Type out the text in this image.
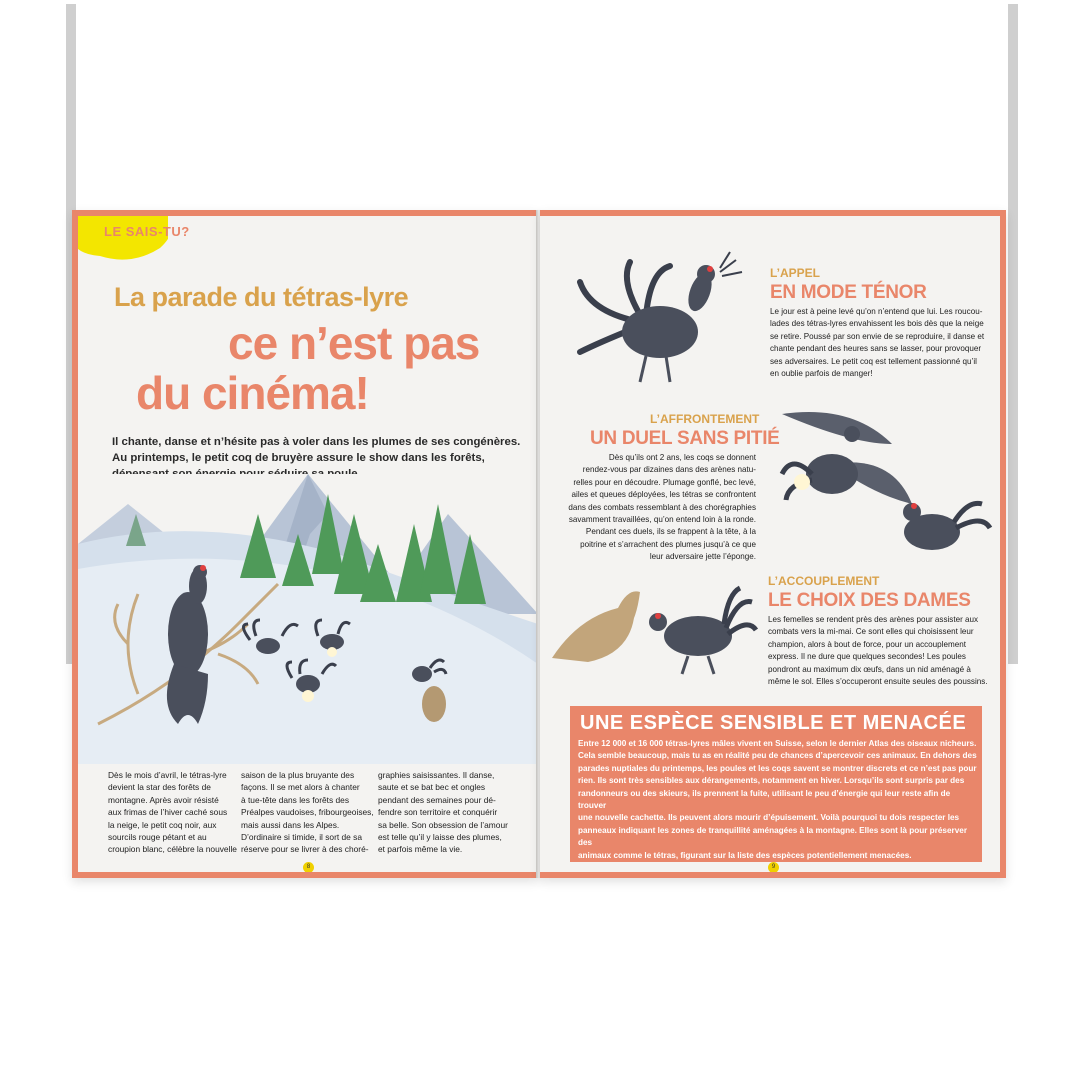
LE SAIS-TU?
La parade du tétras-lyre
ce n’est pas
du cinéma!
Il chante, danse et n’hésite pas à voler dans les plumes de ses congénères. Au printemps, le petit coq de bruyère assure le show dans les forêts,
Dès le mois d’avril, le tétras-lyre
devient la star des forêts de
montagne. Après avoir résisté
aux frimas de l’hiver caché sous
la neige, le petit coq noir, aux
sourcils rouge pétant et au
croupion blanc, célèbre la nouvelle
saison de la plus bruyante des
façons. Il se met alors à chanter
à tue-tête dans les forêts des
Préalpes vaudoises, fribourgeoises,
mais aussi dans les Alpes.
D’ordinaire si timide, il sort de sa
réserve pour se livrer à des choré-
graphies saisissantes. Il danse,
saute et se bat bec et ongles
pendant des semaines pour dé-
fendre son territoire et conquérir
sa belle. Son obsession de l’amour
est telle qu’il y laisse des plumes,
et parfois même la vie.
8
L’APPEL
EN MODE TÉNOR
Le jour est à peine levé qu’on n’entend que lui. Les roucou-
lades des tétras-lyres envahissent les bois dès que la neige
se retire. Poussé par son envie de se reproduire, il danse et
chante pendant des heures sans se lasser, pour provoquer
ses adversaires. Le petit coq est tellement passionné qu’il
en oublie parfois de manger!
L’AFFRONTEMENT
UN DUEL SANS PITIÉ
Dès qu’ils ont 2 ans, les coqs se donnent
rendez-vous par dizaines dans des arènes natu-
relles pour en découdre. Plumage gonflé, bec levé,
ailes et queues déployées, les tétras se confrontent
dans des combats ressemblant à des chorégraphies
savamment travaillées, qu’on entend loin à la ronde.
Pendant ces duels, ils se frappent à la tête, à la
poitrine et s’arrachent des plumes jusqu’à ce que
leur adversaire jette l’éponge.
L’ACCOUPLEMENT
LE CHOIX DES DAMES
Les femelles se rendent près des arènes pour assister aux
combats vers la mi-mai. Ce sont elles qui choisissent leur
champion, alors à bout de force, pour un accouplement
express. Il ne dure que quelques secondes! Les poules
pondront au maximum dix œufs, dans un nid aménagé à
même le sol. Elles s’occuperont ensuite seules des poussins.
UNE ESPÈCE SENSIBLE ET MENACÉE
Entre 12 000 et 16 000 tétras-lyres mâles vivent en Suisse, selon le dernier Atlas des oiseaux nicheurs.
Cela semble beaucoup, mais tu as en réalité peu de chances d’apercevoir ces animaux. En dehors des
parades nuptiales du printemps, les poules et les coqs savent se montrer discrets et ce n’est pas pour
rien. Ils sont très sensibles aux dérangements, notamment en hiver. Lorsqu’ils sont surpris par des
randonneurs ou des skieurs, ils prennent la fuite, utilisant le peu d’énergie qui leur reste afin de trouver
une nouvelle cachette. Ils peuvent alors mourir d’épuisement. Voilà pourquoi tu dois respecter les
panneaux indiquant les zones de tranquillité aménagées à la montagne. Elles sont là pour préserver des
animaux comme le tétras, figurant sur la liste des espèces potentiellement menacées.
9
